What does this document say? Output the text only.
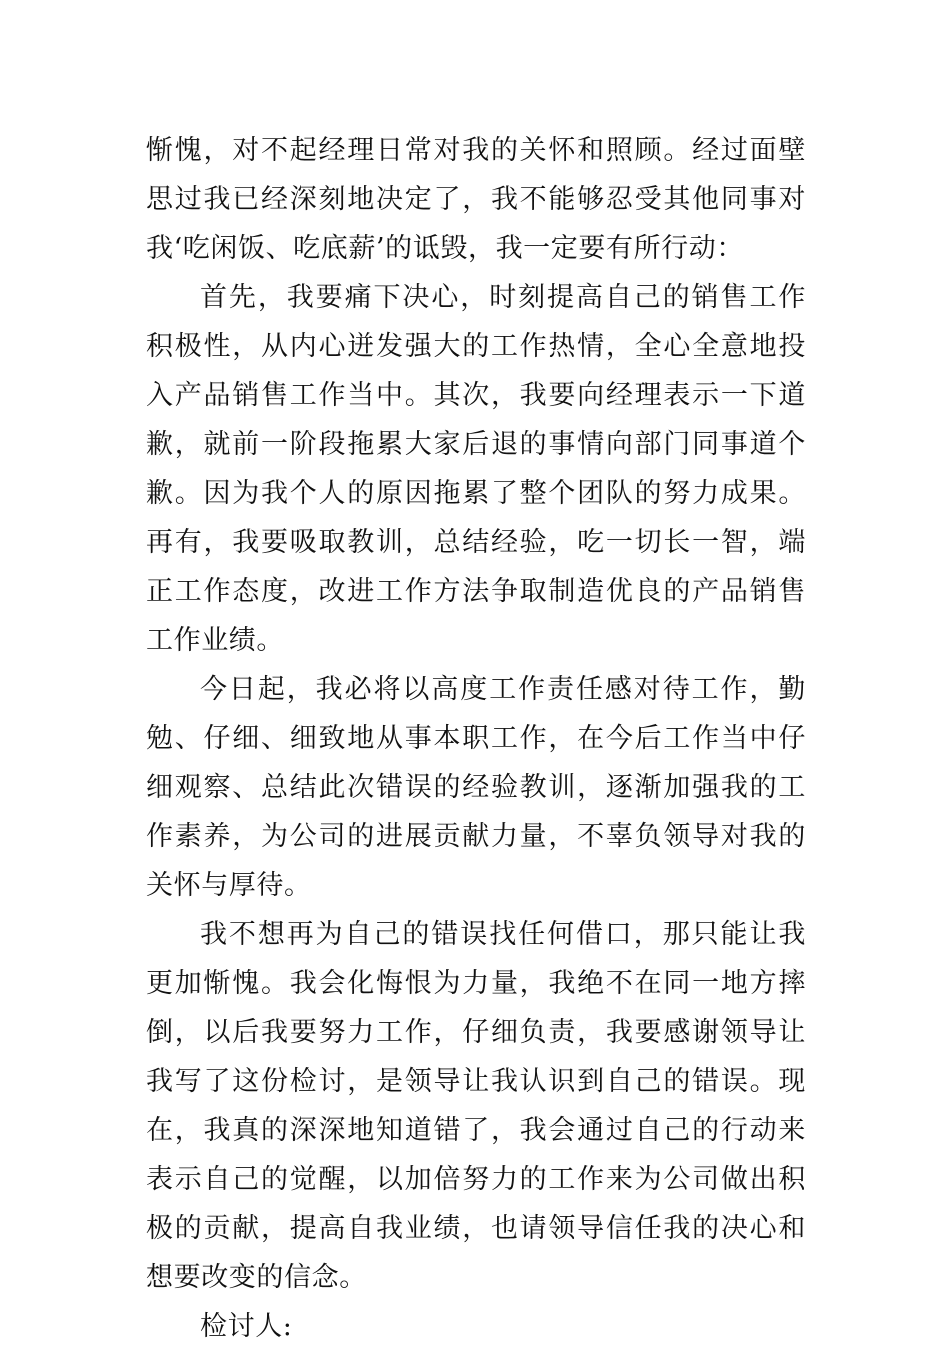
惭愧，对不起经理日常对我的关怀和照顾。经过面壁思过我已经深刻地决定了，我不能够忍受其他同事对我‘吃闲饭、吃底薪’的诋毁，我一定要有所行动：

首先，我要痛下决心，时刻提高自己的销售工作积极性，从内心迸发强大的工作热情，全心全意地投入产品销售工作当中。其次，我要向经理表示一下道歉，就前一阶段拖累大家后退的事情向部门同事道个歉。因为我个人的原因拖累了整个团队的努力成果。再有，我要吸取教训，总结经验，吃一切长一智，端正工作态度，改进工作方法争取制造优良的产品销售工作业绩。

今日起，我必将以高度工作责任感对待工作，勤勉、仔细、细致地从事本职工作，在今后工作当中仔细观察、总结此次错误的经验教训，逐渐加强我的工作素养，为公司的进展贡献力量，不辜负领导对我的关怀与厚待。

我不想再为自己的错误找任何借口，那只能让我更加惭愧。我会化悔恨为力量，我绝不在同一地方摔倒，以后我要努力工作，仔细负责，我要感谢领导让我写了这份检讨，是领导让我认识到自己的错误。现在，我真的深深地知道错了，我会通过自己的行动来表示自己的觉醒，以加倍努力的工作来为公司做出积极的贡献，提高自我业绩，也请领导信任我的决心和想要改变的信念。

检讨人:
